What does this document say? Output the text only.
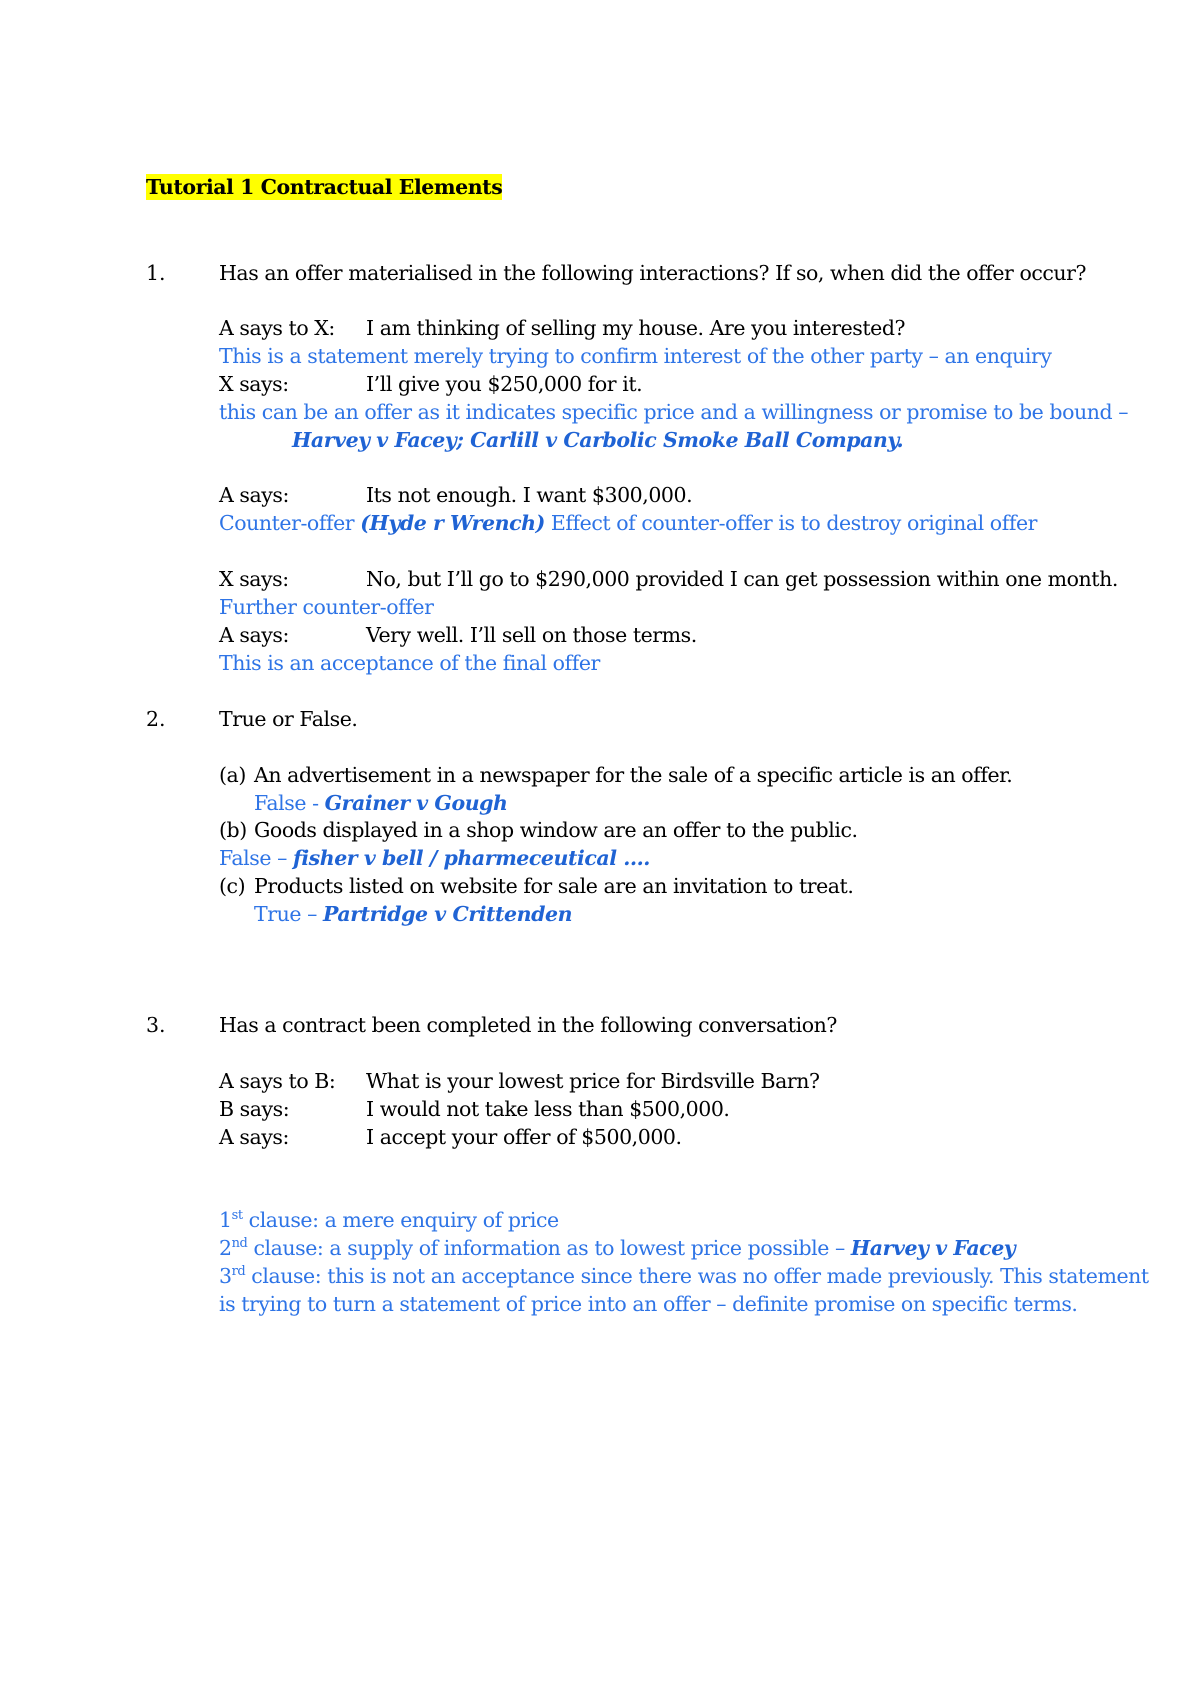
Tutorial 1 Contractual Elements
1.	Has an offer materialised in the following interactions? If so, when did the offer occur?
A says to X: I am thinking of selling my house. Are you interested?
This is a statement merely trying to confirm interest of the other party – an enquiry
X says:	I’ll give you $250,000 for it.
this can be an offer as it indicates specific price and a willingness or promise to be bound –
Harvey v Facey; Carlill v Carbolic Smoke Ball Company.
A says:	Its not enough. I want $300,000.
Counter-offer (Hyde r Wrench) Effect of counter-offer is to destroy original offer
X says:	No, but I’ll go to $290,000 provided I can get possession within one month.
Further counter-offer
A says:	Very well. I’ll sell on those terms.
This is an acceptance of the final offer
2.	True or False.
(a) An advertisement in a newspaper for the sale of a specific article is an offer.
False - Grainer v Gough
(b) Goods displayed in a shop window are an offer to the public.
False – fisher v bell / pharmeceutical ….
(c) Products listed on website for sale are an invitation to treat.
True – Partridge v Crittenden
3.	Has a contract been completed in the following conversation?
A says to B: What is your lowest price for Birdsville Barn?
B says:	I would not take less than $500,000.
A says:	I accept your offer of $500,000.
1st clause: a mere enquiry of price
2nd clause: a supply of information as to lowest price possible – Harvey v Facey
3rd clause: this is not an acceptance since there was no offer made previously. This statement
is trying to turn a statement of price into an offer – definite promise on specific terms.
